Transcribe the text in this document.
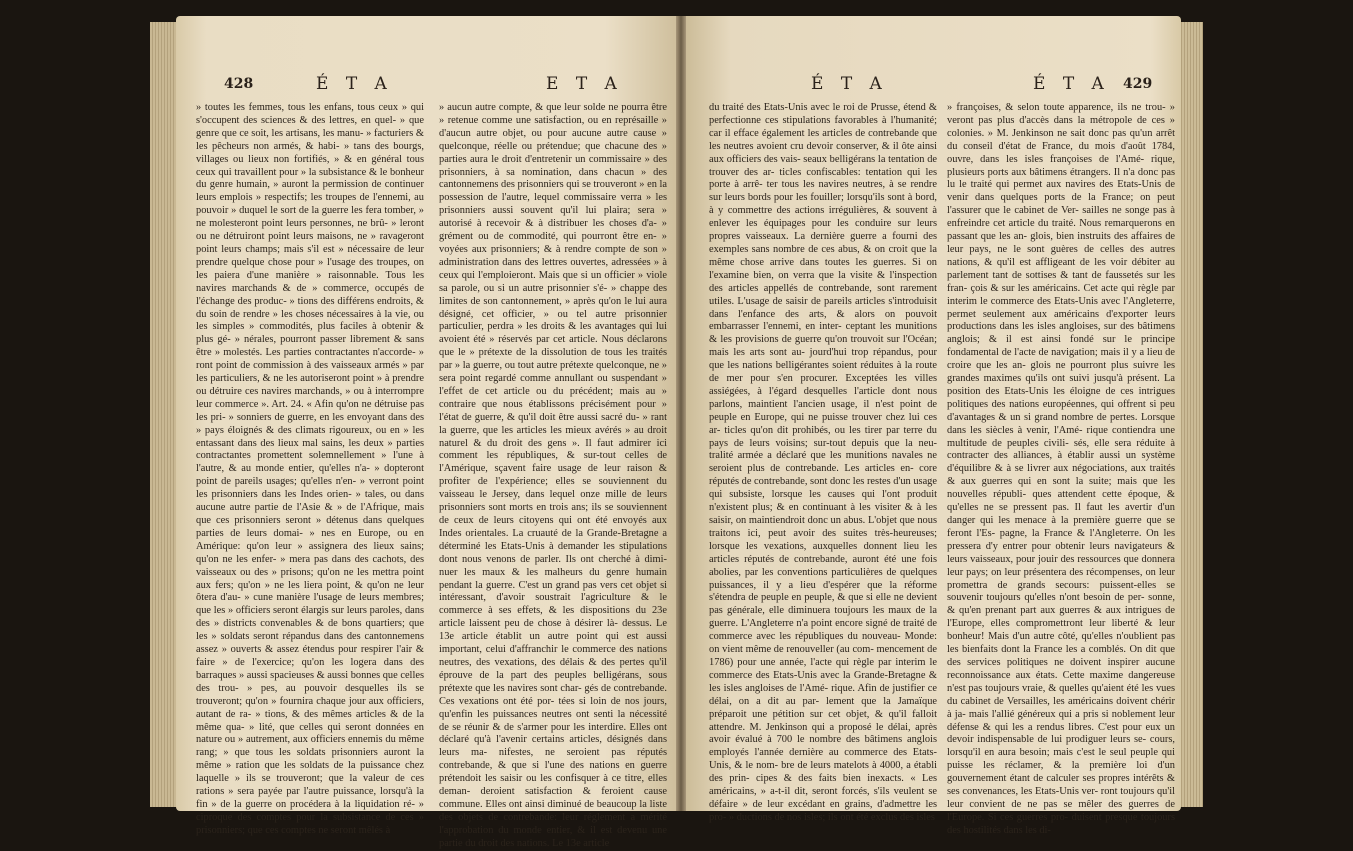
428	É T A	E T A

» toutes les femmes, tous les enfans, tous ceux » qui s'occupent des sciences & des lettres, en quel- » que genre que ce soit, les artisans, les manu- » facturiers & les pêcheurs non armés, & habi- » tans des bourgs, villages ou lieux non fortifiés, » & en général tous ceux qui travaillent pour » la subsistance & le bonheur du genre humain, » auront la permission de continuer leurs emplois » respectifs; les troupes de l'ennemi, au pouvoir » duquel le sort de la guerre les fera tomber, » ne molesteront point leurs personnes, ne brû- » leront ou ne détruiront point leurs maisons, ne » ravageront point leurs champs; mais s'il est » nécessaire de leur prendre quelque chose pour » l'usage des troupes, on les paiera d'une manière » raisonnable. Tous les navires marchands & de » commerce, occupés de l'échange des produc- » tions des différens endroits, & du soin de rendre » les choses nécessaires à la vie, ou les simples » commodités, plus faciles à obtenir & plus gé- » nérales, pourront passer librement & sans être » molestés. Les parties contractantes n'accorde- » ront point de commission à des vaisseaux armés » par les particuliers, & ne les autoriseront point » à prendre ou détruire ces navires marchands, » ou à interrompre leur commerce ». Art. 24. « Afin qu'on ne détruise pas les pri- » sonniers de guerre, en les envoyant dans des » pays éloignés & des climats rigoureux, ou en » les entassant dans des lieux mal sains, les deux » parties contractantes promettent solemnellement » l'une à l'autre, & au monde entier, qu'elles n'a- » dopteront point de pareils usages; qu'elles n'en- » verront point les prisonniers dans les Indes orien- » tales, ou dans aucune autre partie de l'Asie & » de l'Afrique, mais que ces prisonniers seront » détenus dans quelques parties de leurs domai- » nes en Europe, ou en Amérique: qu'on leur » assignera des lieux sains; qu'on ne les enfer- » mera pas dans des cachots, des vaisseaux ou des » prisons; qu'on ne les mettra point aux fers; qu'on » ne les liera point, & qu'on ne leur ôtera d'au- » cune manière l'usage de leurs membres; que les » officiers seront élargis sur leurs paroles, dans des » districts convenables & de bons quartiers; que les » soldats seront répandus dans des cantonnemens assez » ouverts & assez étendus pour respirer l'air & faire » de l'exercice; qu'on les logera dans des barraques » aussi spacieuses & aussi bonnes que celles des trou- » pes, au pouvoir desquelles ils se trouveront; qu'on » fournira chaque jour aux officiers, autant de ra- » tions, & des mêmes articles & de la même qua- » lité, que celles qui seront données en nature ou » autrement, aux officiers ennemis du même rang; » que tous les soldats prisonniers auront la même » ration que les soldats de la puissance chez laquelle » ils se trouveront; que la valeur de ces rations » sera payée par l'autre puissance, lorsqu'à la fin » de la guerre on procédera à la liquidation ré- » ciproque des comptes pour la subsistance de ces » prisonniers; que ces comptes ne seront mêlés à

» aucun autre compte, & que leur solde ne pourra être » retenue comme une satisfaction, ou en représaille » d'aucun autre objet, ou pour aucune autre cause » quelconque, réelle ou prétendue; que chacune des » parties aura le droit d'entretenir un commissaire » des prisonniers, à sa nomination, dans chacun » des cantonnemens des prisonniers qui se trouveront » en la possession de l'autre, lequel commissaire verra » les prisonniers aussi souvent qu'il lui plaira; sera » autorisé à recevoir & à distribuer les choses d'a- » grément ou de commodité, qui pourront être en- » voyées aux prisonniers; & à rendre compte de son » administration dans des lettres ouvertes, adressées » à ceux qui l'emploieront. Mais que si un officier » viole sa parole, ou si un autre prisonnier s'é- » chappe des limites de son cantonnement, » après qu'on le lui aura désigné, cet officier, » ou tel autre prisonnier particulier, perdra » les droits & les avantages qui lui avoient été » réservés par cet article. Nous déclarons que le » prétexte de la dissolution de tous les traités par » la guerre, ou tout autre prétexte quelconque, ne » sera point regardé comme annullant ou suspendant » l'effet de cet article ou du précédent; mais au » contraire que nous établissons précisément pour » l'état de guerre, & qu'il doit être aussi sacré du- » rant la guerre, que les articles les mieux avérés » au droit naturel & du droit des gens ». Il faut admirer ici comment les républiques, & sur-tout celles de l'Amérique, sçavent faire usage de leur raison & profiter de l'expérience; elles se souviennent du vaisseau le Jersey, dans lequel onze mille de leurs prisonniers sont morts en trois ans; ils se souviennent de ceux de leurs citoyens qui ont été envoyés aux Indes orientales. La cruauté de la Grande-Bretagne a déterminé les Etats-Unis à demander les stipulations dont nous venons de parler. Ils ont cherché à dimi- nuer les maux & les malheurs du genre humain pendant la guerre. C'est un grand pas vers cet objet si intéressant, d'avoir soustrait l'agriculture & le commerce à ses effets, & les dispositions du 23e article laissent peu de chose à désirer là- dessus. Le 13e article établit un autre point qui est aussi important, celui d'affranchir le commerce des nations neutres, des vexations, des délais & des pertes qu'il éprouve de la part des peuples belligérans, sous prétexte que les navires sont char- gés de contrebande. Ces vexations ont été por- tées si loin de nos jours, qu'enfin les puissances neutres ont senti la nécessité de se réunir & de s'armer pour les interdire. Elles ont déclaré qu'à l'avenir certains articles, désignés dans leurs ma- nifestes, ne seroient pas réputés contrebande, & que si l'une des nations en guerre prétendoit les saisir ou les confisquer à ce titre, elles deman- deroient satisfaction & feroient cause commune. Elles ont ainsi diminué de beaucoup la liste des objets de contrebande: leur réglement a mérité l'approbation du monde entier, & il est devenu une partie du droit des nations. Le 13e article

É T A	É T A 429

du traité des Etats-Unis avec le roi de Prusse, étend & perfectionne ces stipulations favorables à l'humanité; car il efface également les articles de contrebande que les neutres avoient cru devoir conserver, & il ôte ainsi aux officiers des vais- seaux belligérans la tentation de trouver des ar- ticles confiscables: tentation qui les porte à arrê- ter tous les navires neutres, à se rendre sur leurs bords pour les fouiller; lorsqu'ils sont à bord, à y commettre des actions irrégulières, & souvent à enlever les équipages pour les conduire sur leurs propres vaisseaux. La dernière guerre a fourni des exemples sans nombre de ces abus, & on croit que la même chose arrive dans toutes les guerres. Si on l'examine bien, on verra que la visite & l'inspection des articles appellés de contrebande, sont rarement utiles. L'usage de saisir de pareils articles s'introduisit dans l'enfance des arts, & alors on pouvoit embarrasser l'ennemi, en inter- ceptant les munitions & les provisions de guerre qu'on trouvoit sur l'Océan; mais les arts sont au- jourd'hui trop répandus, pour que les nations belligérantes soient réduites à la route de mer pour s'en procurer. Exceptées les villes assiégées, à l'égard desquelles l'article dont nous parlons, maintient l'ancien usage, il n'est point de peuple en Europe, qui ne puisse trouver chez lui ces ar- ticles qu'on dit prohibés, ou les tirer par terre du pays de leurs voisins; sur-tout depuis que la neu- tralité armée a déclaré que les munitions navales ne seroient plus de contrebande. Les articles en- core réputés de contrebande, sont donc les restes d'un usage qui subsiste, lorsque les causes qui l'ont produit n'existent plus; & en continuant à les visiter & à les saisir, on maintiendroit donc un abus. L'objet que nous traitons ici, peut avoir des suites très-heureuses; lorsque les vexations, auxquelles donnent lieu les articles réputés de contrebande, auront été une fois abolies, par les conventions particulières de quelques puissances, il y a lieu d'espérer que la réforme s'étendra de peuple en peuple, & que si elle ne devient pas générale, elle diminuera toujours les maux de la guerre. L'Angleterre n'a point encore signé de traité de commerce avec les républiques du nouveau- Monde: on vient même de renouveller (au com- mencement de 1786) pour une année, l'acte qui règle par interim le commerce des Etats-Unis avec la Grande-Bretagne & les isles angloises de l'Amé- rique. Afin de justifier ce délai, on a dit au par- lement que la Jamaïque préparoit une pétition sur cet objet, & qu'il falloit attendre. M. Jenkinson qui a proposé le délai, après avoir évalué à 700 le nombre des bâtimens anglois employés l'année dernière au commerce des Etats-Unis, & le nom- bre de leurs matelots à 4000, a établi des prin- cipes & des faits bien inexacts. « Les américains, » a-t-il dit, seront forcés, s'ils veulent se défaire » de leur excédant en grains, d'admettre les pro- » ductions de nos isles; ils ont été exclus des isles

» françoises, & selon toute apparence, ils ne trou- » veront pas plus d'accès dans la métropole de ces » colonies. » M. Jenkinson ne sait donc pas qu'un arrêt du conseil d'état de France, du mois d'août 1784, ouvre, dans les isles françoises de l'Amé- rique, plusieurs ports aux bâtimens étrangers. Il n'a donc pas lu le traité qui permet aux navires des Etats-Unis de venir dans quelques ports de la France; on peut l'assurer que le cabinet de Ver- sailles ne songe pas à enfreindre cet article du traité. Nous remarquerons en passant que les an- glois, bien instruits des affaires de leur pays, ne le sont guères de celles des autres nations, & qu'il est affligeant de les voir débiter au parlement tant de sottises & tant de faussetés sur les fran- çois & sur les américains. Cet acte qui règle par interim le commerce des Etats-Unis avec l'Angleterre, permet seulement aux américains d'exporter leurs productions dans les isles angloises, sur des bâtimens anglois; & il est ainsi fondé sur le principe fondamental de l'acte de navigation; mais il y a lieu de croire que les an- glois ne pourront plus suivre les grandes maximes qu'ils ont suivi jusqu'à présent. La position des Etats-Unis les éloigne de ces intrigues politiques des nations européennes, qui offrent si peu d'avantages & un si grand nombre de pertes. Lorsque dans les siècles à venir, l'Amé- rique contiendra une multitude de peuples civili- sés, elle sera réduite à contracter des alliances, à établir aussi un système d'équilibre & à se livrer aux négociations, aux traités & aux guerres qui en sont la suite; mais que les nouvelles républi- ques attendent cette époque, & qu'elles ne se pressent pas. Il faut les avertir d'un danger qui les menace à la première guerre que se feront l'Es- pagne, la France & l'Angleterre. On les pressera d'y entrer pour obtenir leurs navigateurs & leurs vaisseaux, pour jouir des ressources que donnera leur pays; on leur présentera des récompenses, on leur promettra de grands secours: puissent-elles se souvenir toujours qu'elles n'ont besoin de per- sonne, & qu'en prenant part aux guerres & aux intrigues de l'Europe, elles compromettront leur liberté & leur bonheur! Mais d'un autre côté, qu'elles n'oublient pas les bienfaits dont la France les a comblés. On dit que des services politiques ne doivent inspirer aucune reconnoissance aux états. Cette maxime dangereuse n'est pas toujours vraie, & quelles qu'aient été les vues du cabinet de Versailles, les américains doivent chérir à ja- mais l'allié généreux qui a pris si noblement leur défense & qui les a rendus libres. C'est pour eux un devoir indispensable de lui prodiguer leurs se- cours, lorsqu'il en aura besoin; mais c'est le seul peuple qui puisse les réclamer, & la première loi d'un gouvernement étant de calculer ses propres intérêts & ses convenances, les Etats-Unis ver- ront toujours qu'il leur convient de ne pas se mêler des guerres de l'Europe. Si ces guerres pro- duisent presque toujours des hostilités dans les di-
